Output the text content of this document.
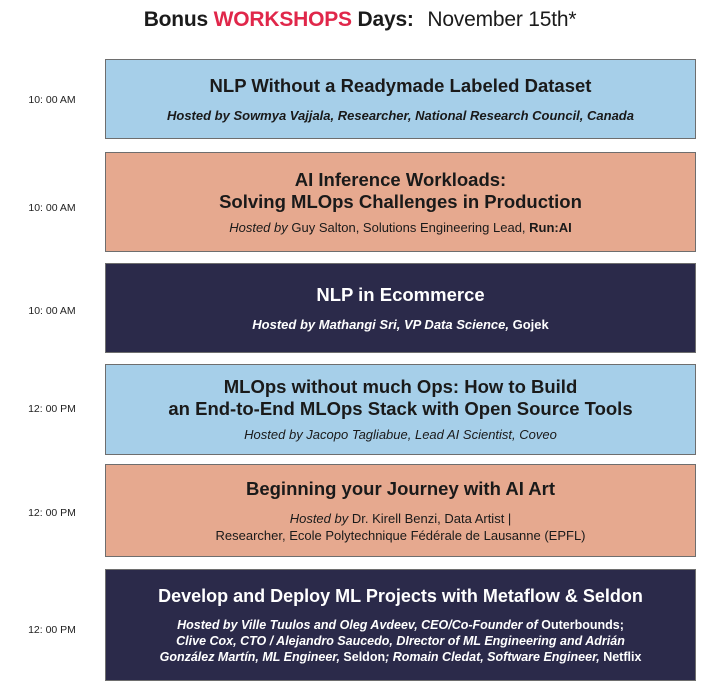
Bonus WORKSHOPS Days: November 15th*
10: 00 AM
NLP Without a Readymade Labeled Dataset
Hosted by Sowmya Vajjala, Researcher, National Research Council, Canada
10: 00 AM
AI Inference Workloads:
Solving MLOps Challenges in Production
Hosted by Guy Salton, Solutions Engineering Lead, Run:AI
10: 00 AM
NLP in Ecommerce
Hosted by Mathangi Sri, VP Data Science, Gojek
12: 00 PM
MLOps without much Ops: How to Build
an End-to-End MLOps Stack with Open Source Tools
Hosted by Jacopo Tagliabue, Lead AI Scientist, Coveo
12: 00 PM
Beginning your Journey with AI Art
Hosted by Dr. Kirell Benzi, Data Artist |
Researcher, Ecole Polytechnique Fédérale de Lausanne (EPFL)
12: 00 PM
Develop and Deploy ML Projects with Metaflow & Seldon
Hosted by Ville Tuulos and Oleg Avdeev, CEO/Co-Founder of Outerbounds;
Clive Cox, CTO / Alejandro Saucedo, DIrector of ML Engineering and Adrián
González Martín, ML Engineer, Seldon; Romain Cledat, Software Engineer, Netflix
